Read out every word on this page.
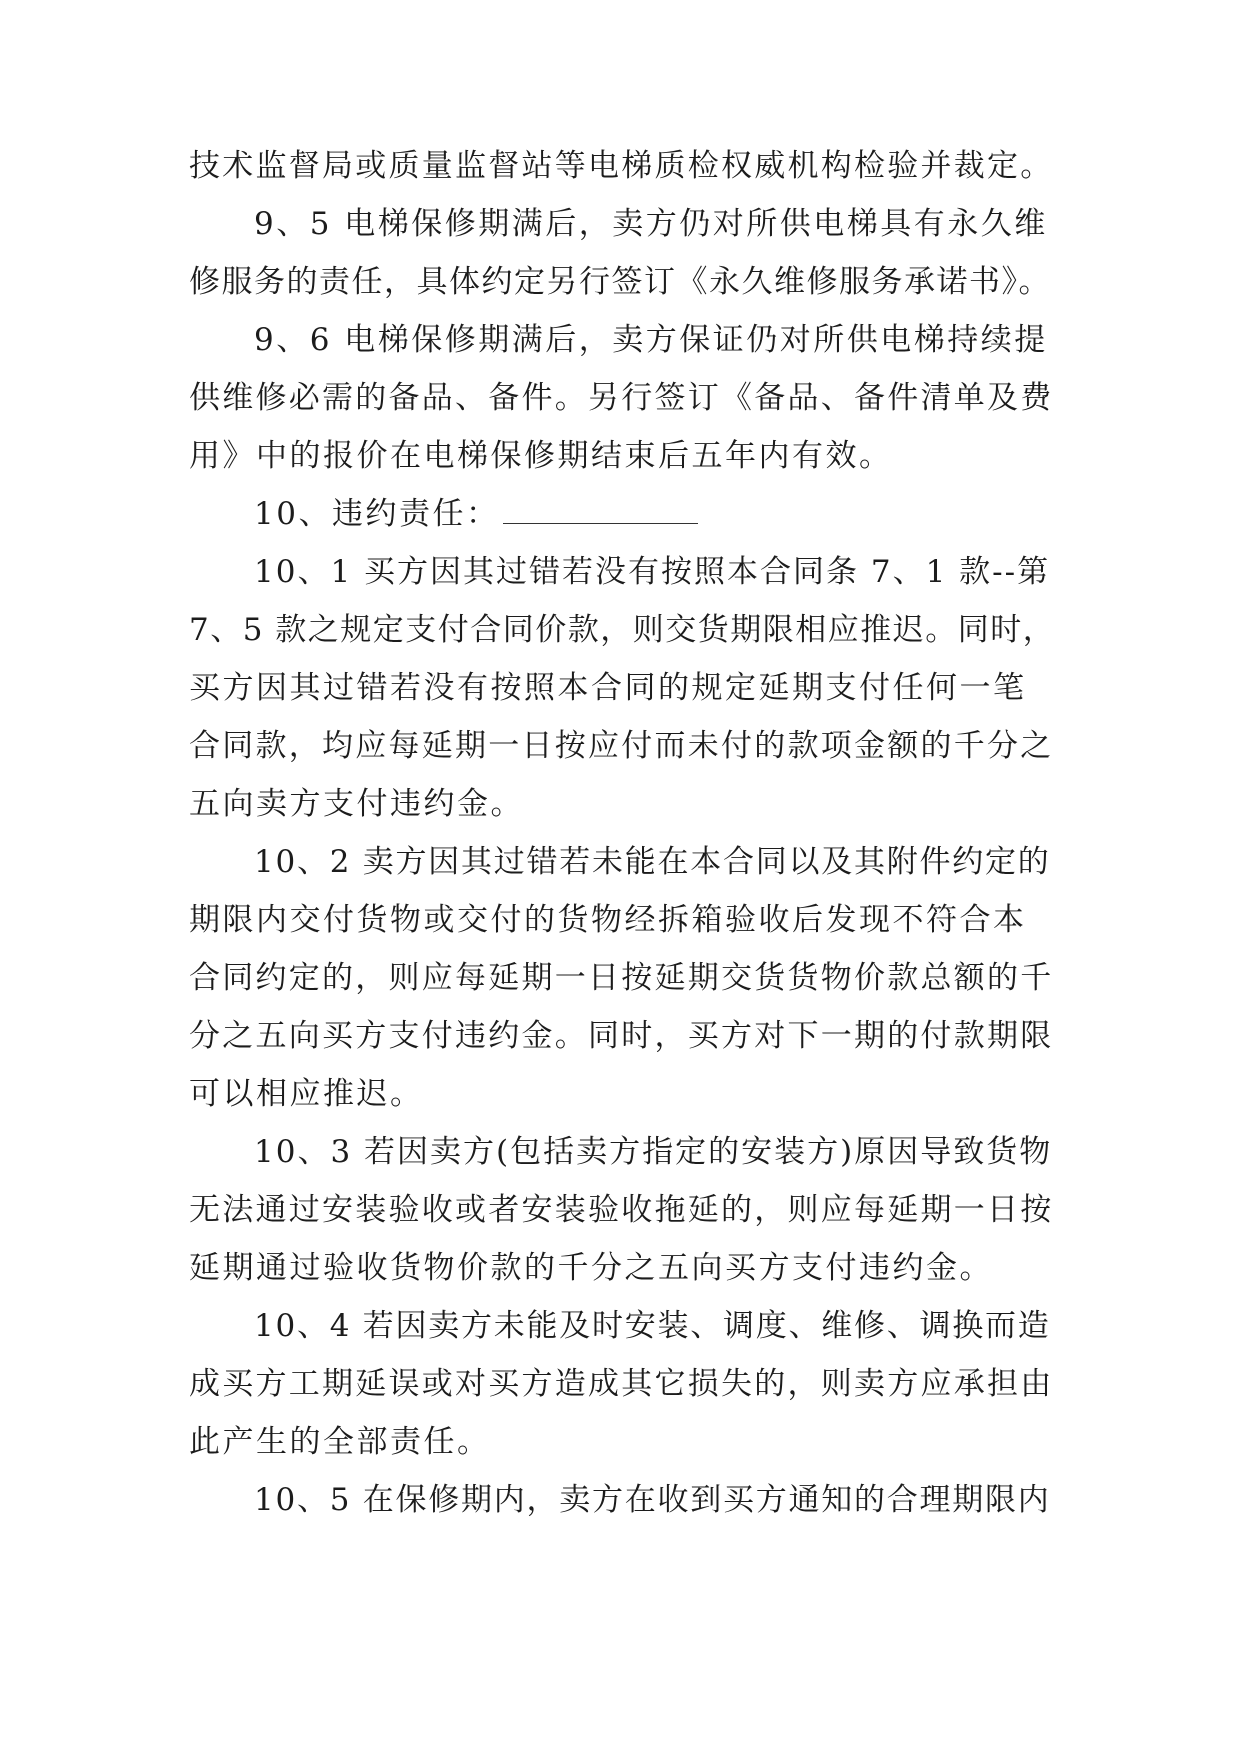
技术监督局或质量监督站等电梯质检权威机构检验并裁定。
9、5 电梯保修期满后，卖方仍对所供电梯具有永久维
修服务的责任，具体约定另行签订《永久维修服务承诺书》。
9、6 电梯保修期满后，卖方保证仍对所供电梯持续提
供维修必需的备品、备件。另行签订《备品、备件清单及费
用》中的报价在电梯保修期结束后五年内有效。
10、违约责任：
10、1 买方因其过错若没有按照本合同条 7、1 款--第
7、5 款之规定支付合同价款，则交货期限相应推迟。同时，
买方因其过错若没有按照本合同的规定延期支付任何一笔
合同款，均应每延期一日按应付而未付的款项金额的千分之
五向卖方支付违约金。
10、2 卖方因其过错若未能在本合同以及其附件约定的
期限内交付货物或交付的货物经拆箱验收后发现不符合本
合同约定的，则应每延期一日按延期交货货物价款总额的千
分之五向买方支付违约金。同时，买方对下一期的付款期限
可以相应推迟。
10、3 若因卖方(包括卖方指定的安装方)原因导致货物
无法通过安装验收或者安装验收拖延的，则应每延期一日按
延期通过验收货物价款的千分之五向买方支付违约金。
10、4 若因卖方未能及时安装、调度、维修、调换而造
成买方工期延误或对买方造成其它损失的，则卖方应承担由
此产生的全部责任。
10、5 在保修期内，卖方在收到买方通知的合理期限内
